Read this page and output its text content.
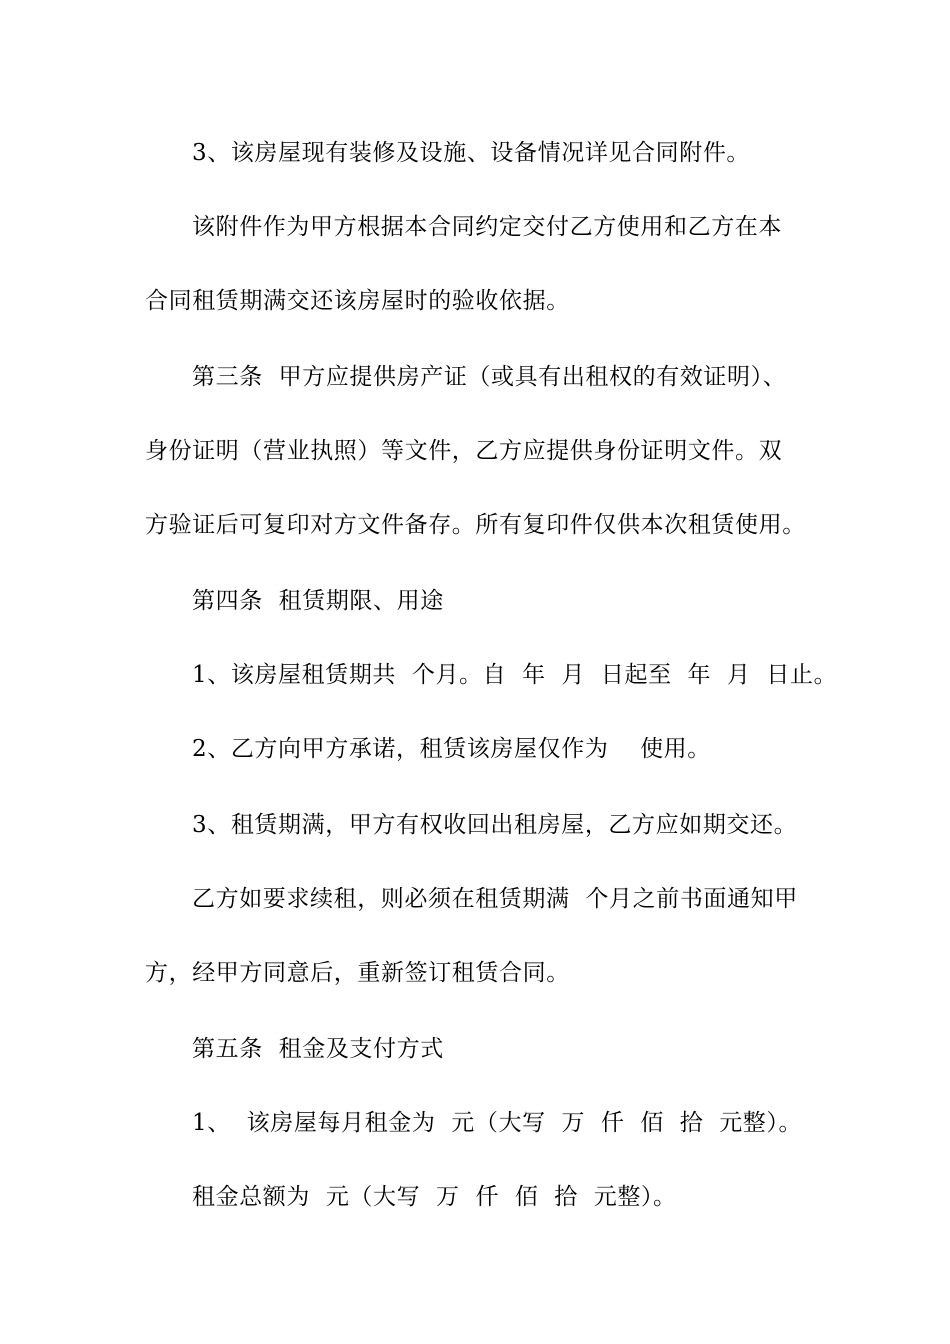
3、该房屋现有装修及设施、设备情况详见合同附件。
该附件作为甲方根据本合同约定交付乙方使用和乙方在本
合同租赁期满交还该房屋时的验收依据。
第三条  甲方应提供房产证（或具有出租权的有效证明）、
身份证明（营业执照）等文件，乙方应提供身份证明文件。双
方验证后可复印对方文件备存。所有复印件仅供本次租赁使用。
第四条  租赁期限、用途
1、该房屋租赁期共  个月。自  年  月  日起至  年  月  日止。
2、乙方向甲方承诺，租赁该房屋仅作为    使用。
3、租赁期满，甲方有权收回出租房屋，乙方应如期交还。
乙方如要求续租，则必须在租赁期满  个月之前书面通知甲
方，经甲方同意后，重新签订租赁合同。
第五条  租金及支付方式
1、  该房屋每月租金为  元（大写  万  仟  佰  拾  元整）。
租金总额为  元（大写  万  仟  佰  拾  元整）。
